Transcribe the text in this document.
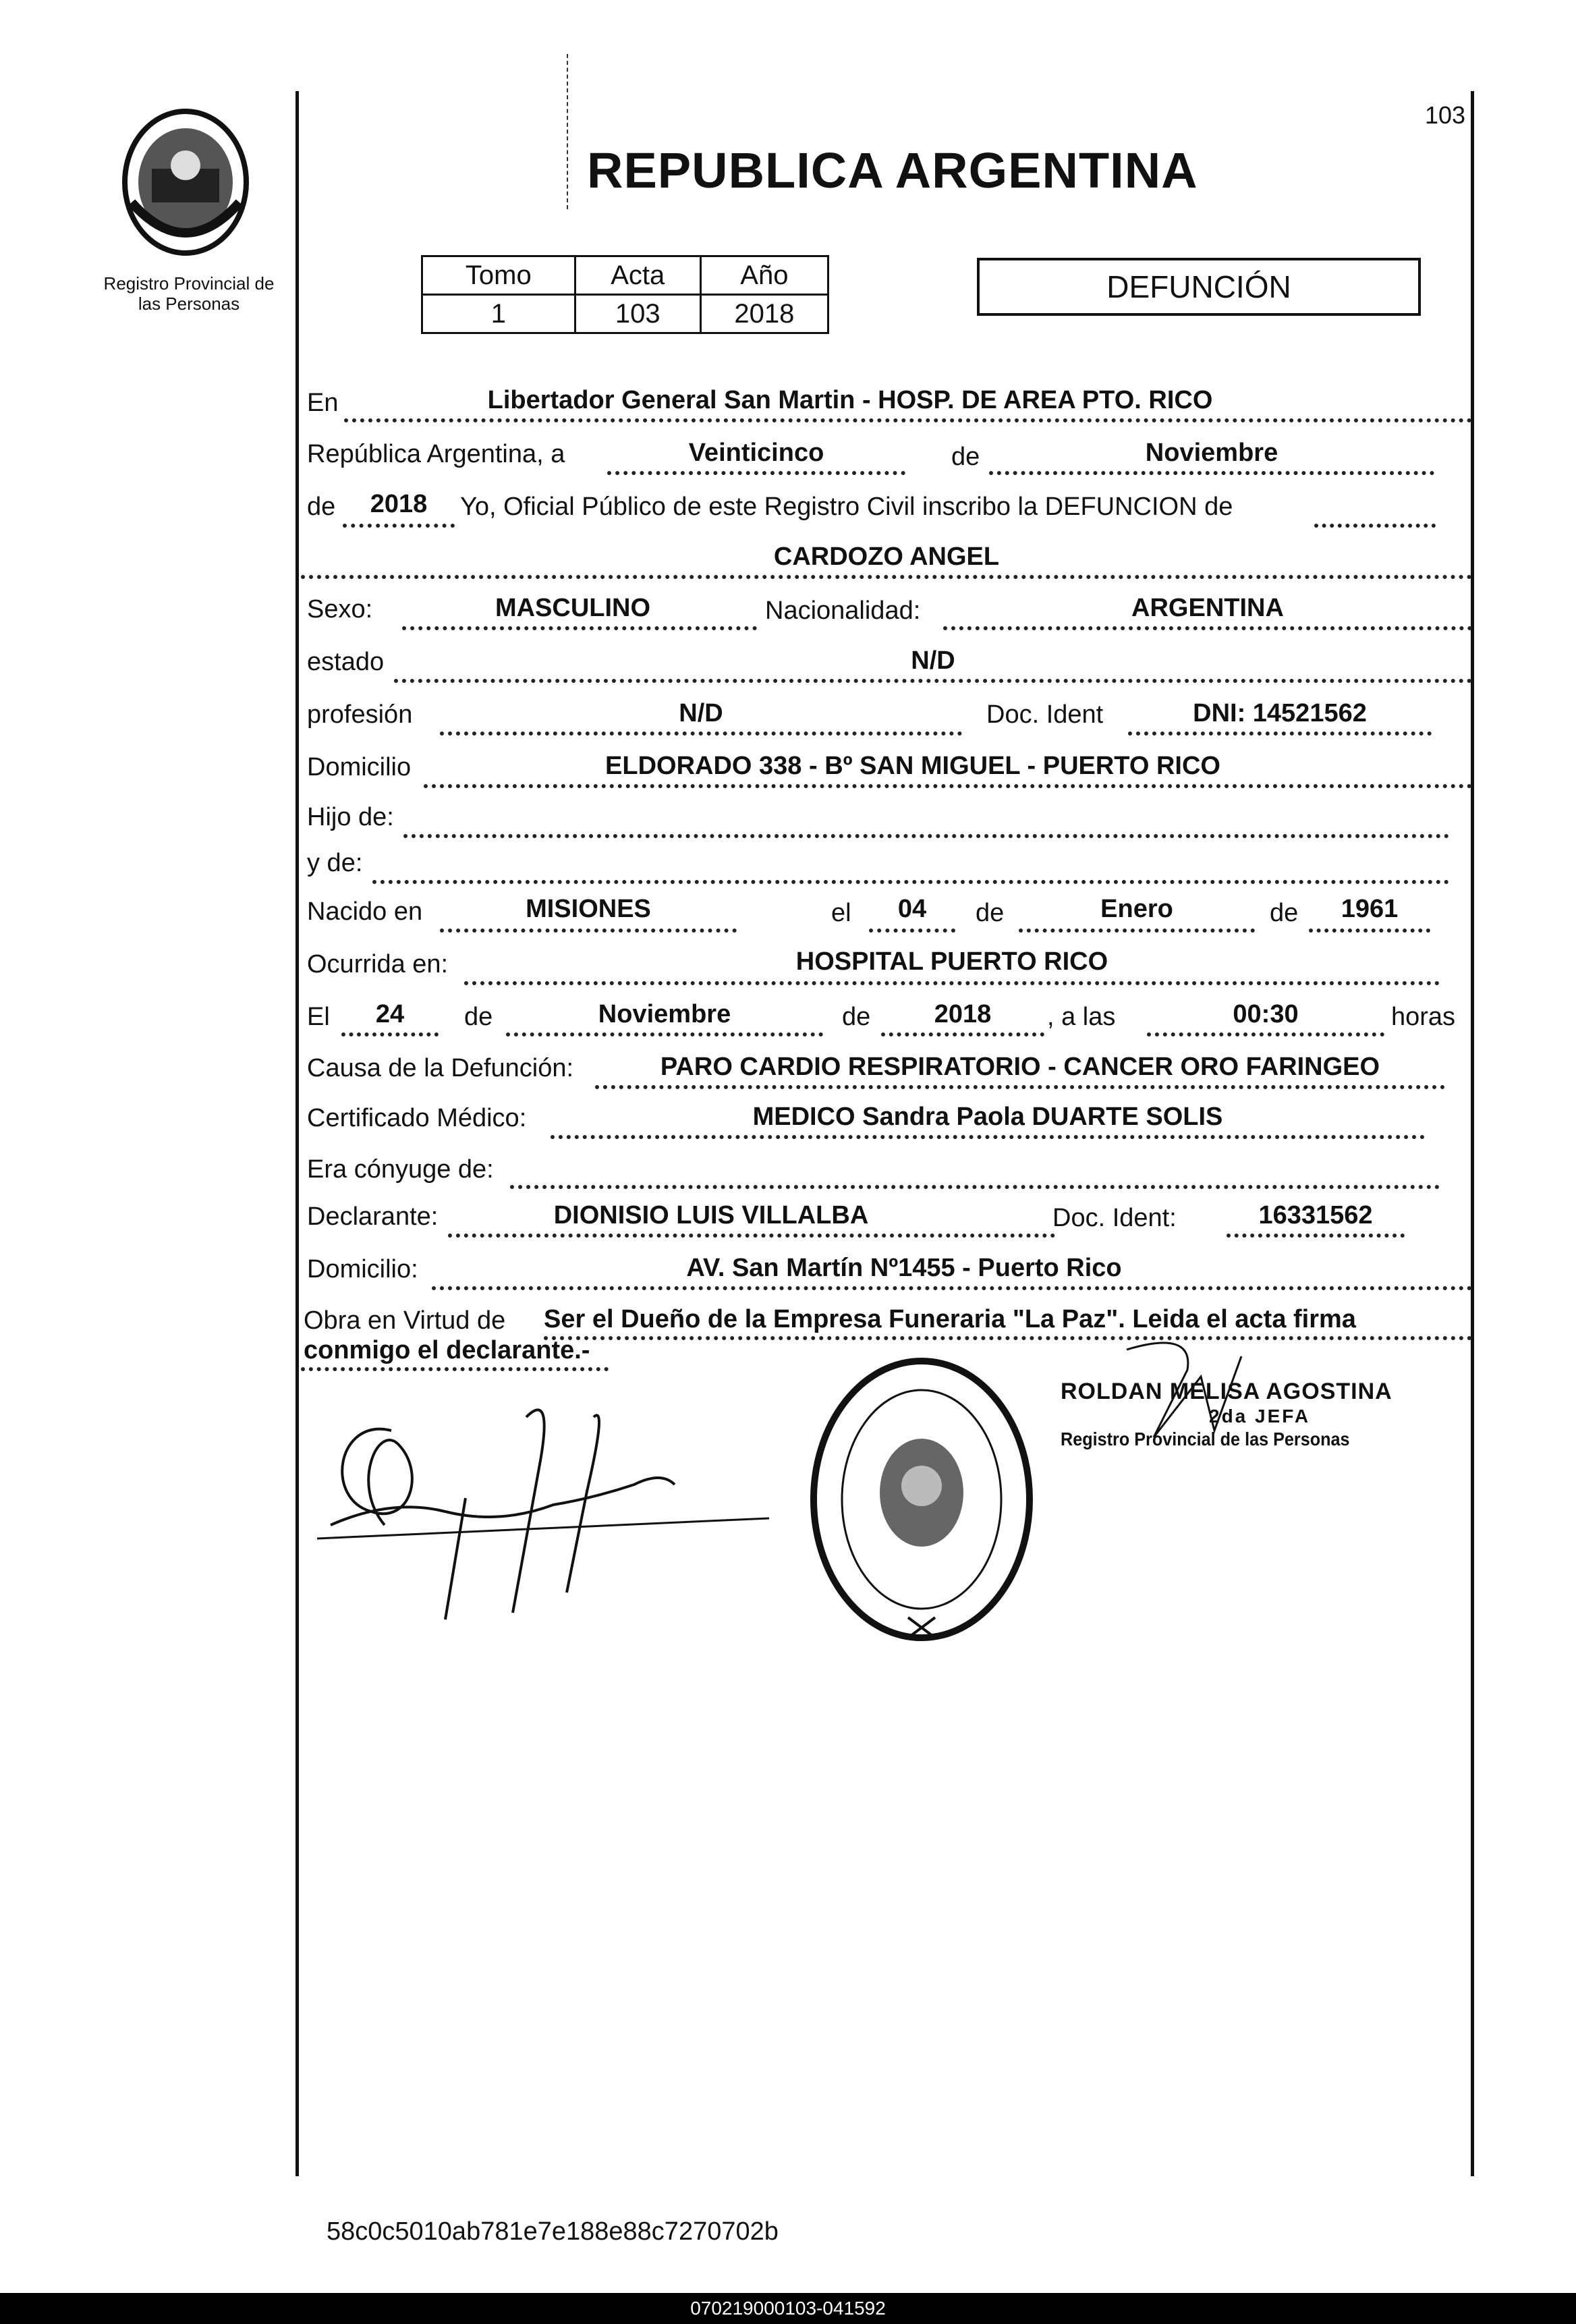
103
Registro Provincial de
las Personas
REPUBLICA ARGENTINA
Tomo	Acta	Año
1	103	2018
DEFUNCIÓN
En	Libertador General San Martin - HOSP. DE AREA PTO. RICO
República Argentina, a	Veinticinco	de	Noviembre
de	2018	Yo, Oficial Público de este Registro Civil inscribo la DEFUNCION de
CARDOZO ANGEL
Sexo:	MASCULINO	Nacionalidad:	ARGENTINA
estado	N/D
profesión	N/D	Doc. Ident	DNI: 14521562
Domicilio	ELDORADO 338 - Bº SAN MIGUEL - PUERTO RICO
Hijo de:
y de:
Nacido en	MISIONES	el	04	de	Enero	de	1961
Ocurrida en:	HOSPITAL PUERTO RICO
El	24	de	Noviembre	de	2018	, a las	00:30	horas
Causa de la Defunción:	PARO CARDIO RESPIRATORIO - CANCER ORO FARINGEO
Certificado Médico:	MEDICO Sandra Paola DUARTE SOLIS
Era cónyuge de:
Declarante:	DIONISIO LUIS VILLALBA	Doc. Ident:	16331562
Domicilio:	AV. San Martín Nº1455 - Puerto Rico
Obra en Virtud de Ser el Dueño de la Empresa Funeraria "La Paz". Leida el acta firma
conmigo el declarante.-
ROLDAN MELISA AGOSTINA
2da JEFA
Registro Provincial de las Personas
58c0c5010ab781e7e188e88c7270702b
070219000103-041592
